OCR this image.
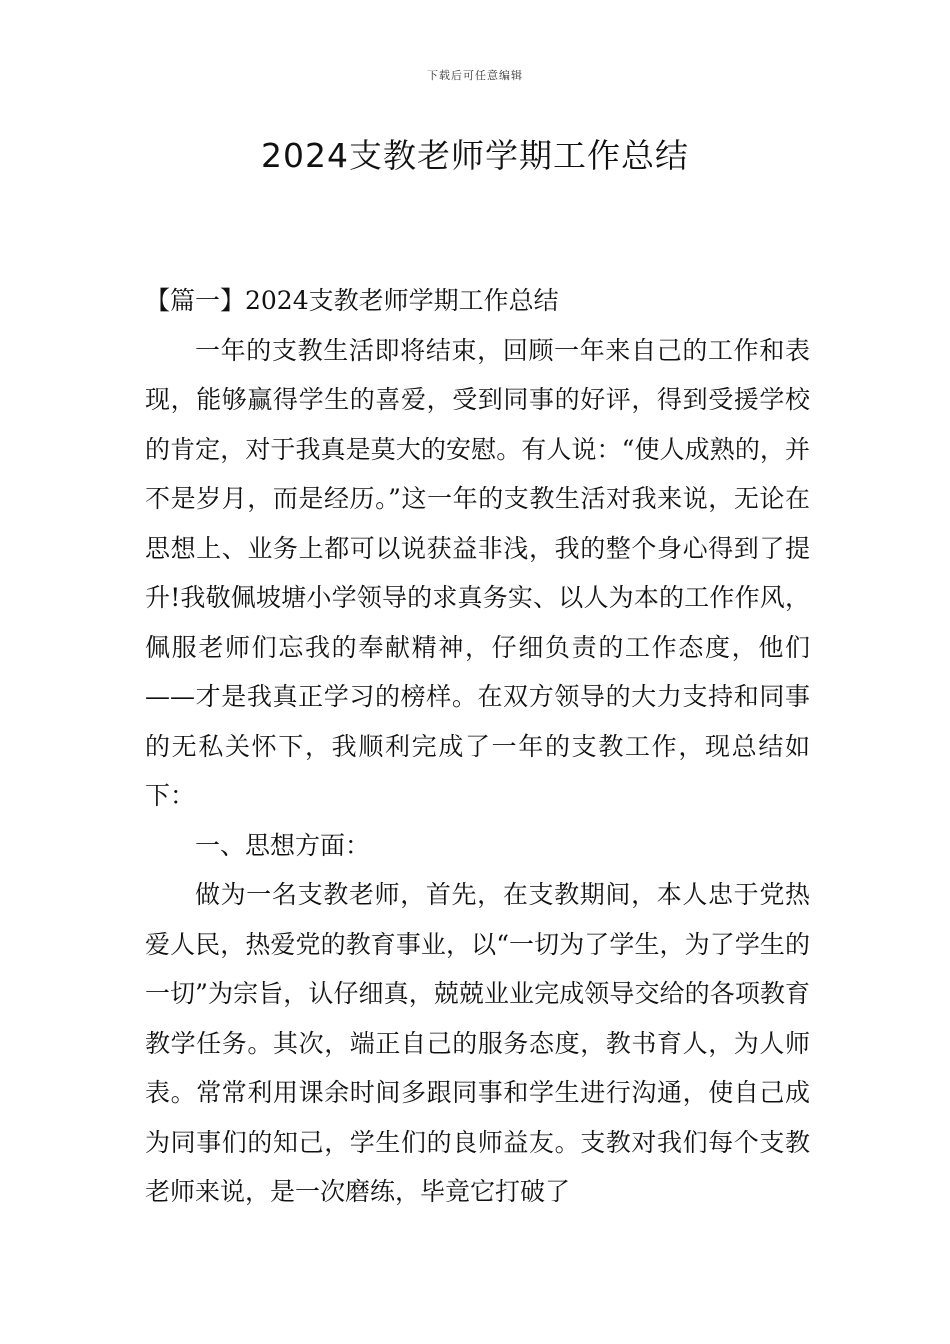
下载后可任意编辑
2024支教老师学期工作总结

【篇一】2024支教老师学期工作总结

一年的支教生活即将结束，回顾一年来自己的工作和表现，能够赢得学生的喜爱，受到同事的好评，得到受援学校的肯定，对于我真是莫大的安慰。有人说：“使人成熟的，并不是岁月，而是经历。”这一年的支教生活对我来说，无论在思想上、业务上都可以说获益非浅，我的整个身心得到了提升!我敬佩坡塘小学领导的求真务实、以人为本的工作作风，佩服老师们忘我的奉献精神，仔细负责的工作态度，他们——才是我真正学习的榜样。在双方领导的大力支持和同事的无私关怀下，我顺利完成了一年的支教工作，现总结如下：

一、思想方面：

做为一名支教老师，首先，在支教期间，本人忠于党热爱人民，热爱党的教育事业，以“一切为了学生，为了学生的一切”为宗旨，认仔细真，兢兢业业完成领导交给的各项教育教学任务。其次，端正自己的服务态度，教书育人，为人师表。常常利用课余时间多跟同事和学生进行沟通，使自己成为同事们的知己，学生们的良师益友。支教对我们每个支教老师来说，是一次磨练，毕竟它打破了
